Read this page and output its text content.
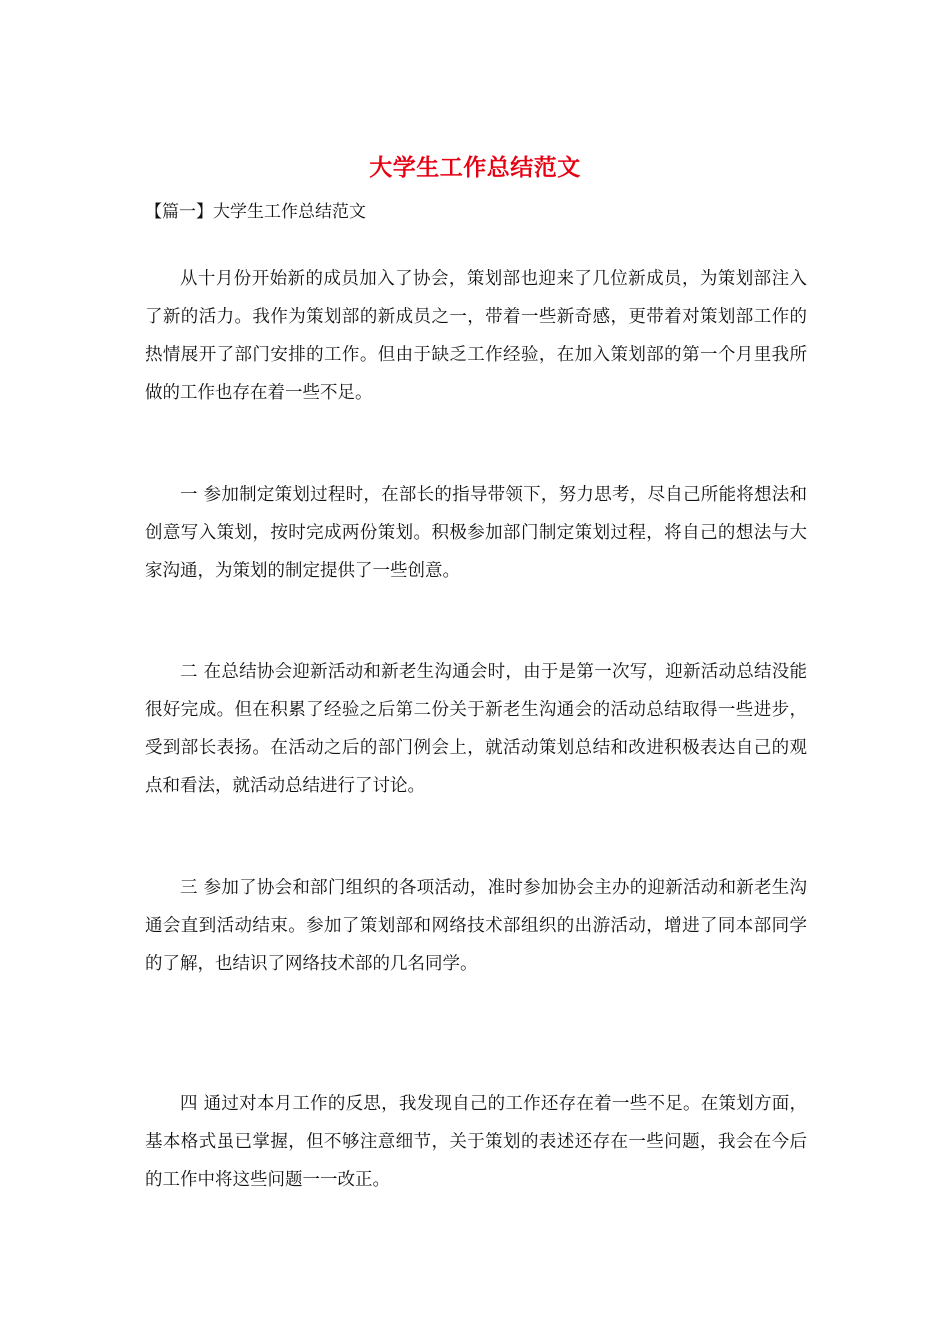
大学生工作总结范文

【篇一】大学生工作总结范文

从十月份开始新的成员加入了协会，策划部也迎来了几位新成员，为策划部注入了新的活力。我作为策划部的新成员之一，带着一些新奇感，更带着对策划部工作的热情展开了部门安排的工作。但由于缺乏工作经验，在加入策划部的第一个月里我所做的工作也存在着一些不足。

一 参加制定策划过程时，在部长的指导带领下，努力思考，尽自己所能将想法和创意写入策划，按时完成两份策划。积极参加部门制定策划过程，将自己的想法与大家沟通，为策划的制定提供了一些创意。

二 在总结协会迎新活动和新老生沟通会时，由于是第一次写，迎新活动总结没能很好完成。但在积累了经验之后第二份关于新老生沟通会的活动总结取得一些进步，受到部长表扬。在活动之后的部门例会上，就活动策划总结和改进积极表达自己的观点和看法，就活动总结进行了讨论。

三 参加了协会和部门组织的各项活动，准时参加协会主办的迎新活动和新老生沟通会直到活动结束。参加了策划部和网络技术部组织的出游活动，增进了同本部同学的了解，也结识了网络技术部的几名同学。

四 通过对本月工作的反思，我发现自己的工作还存在着一些不足。在策划方面，基本格式虽已掌握，但不够注意细节，关于策划的表述还存在一些问题，我会在今后的工作中将这些问题一一改正。
